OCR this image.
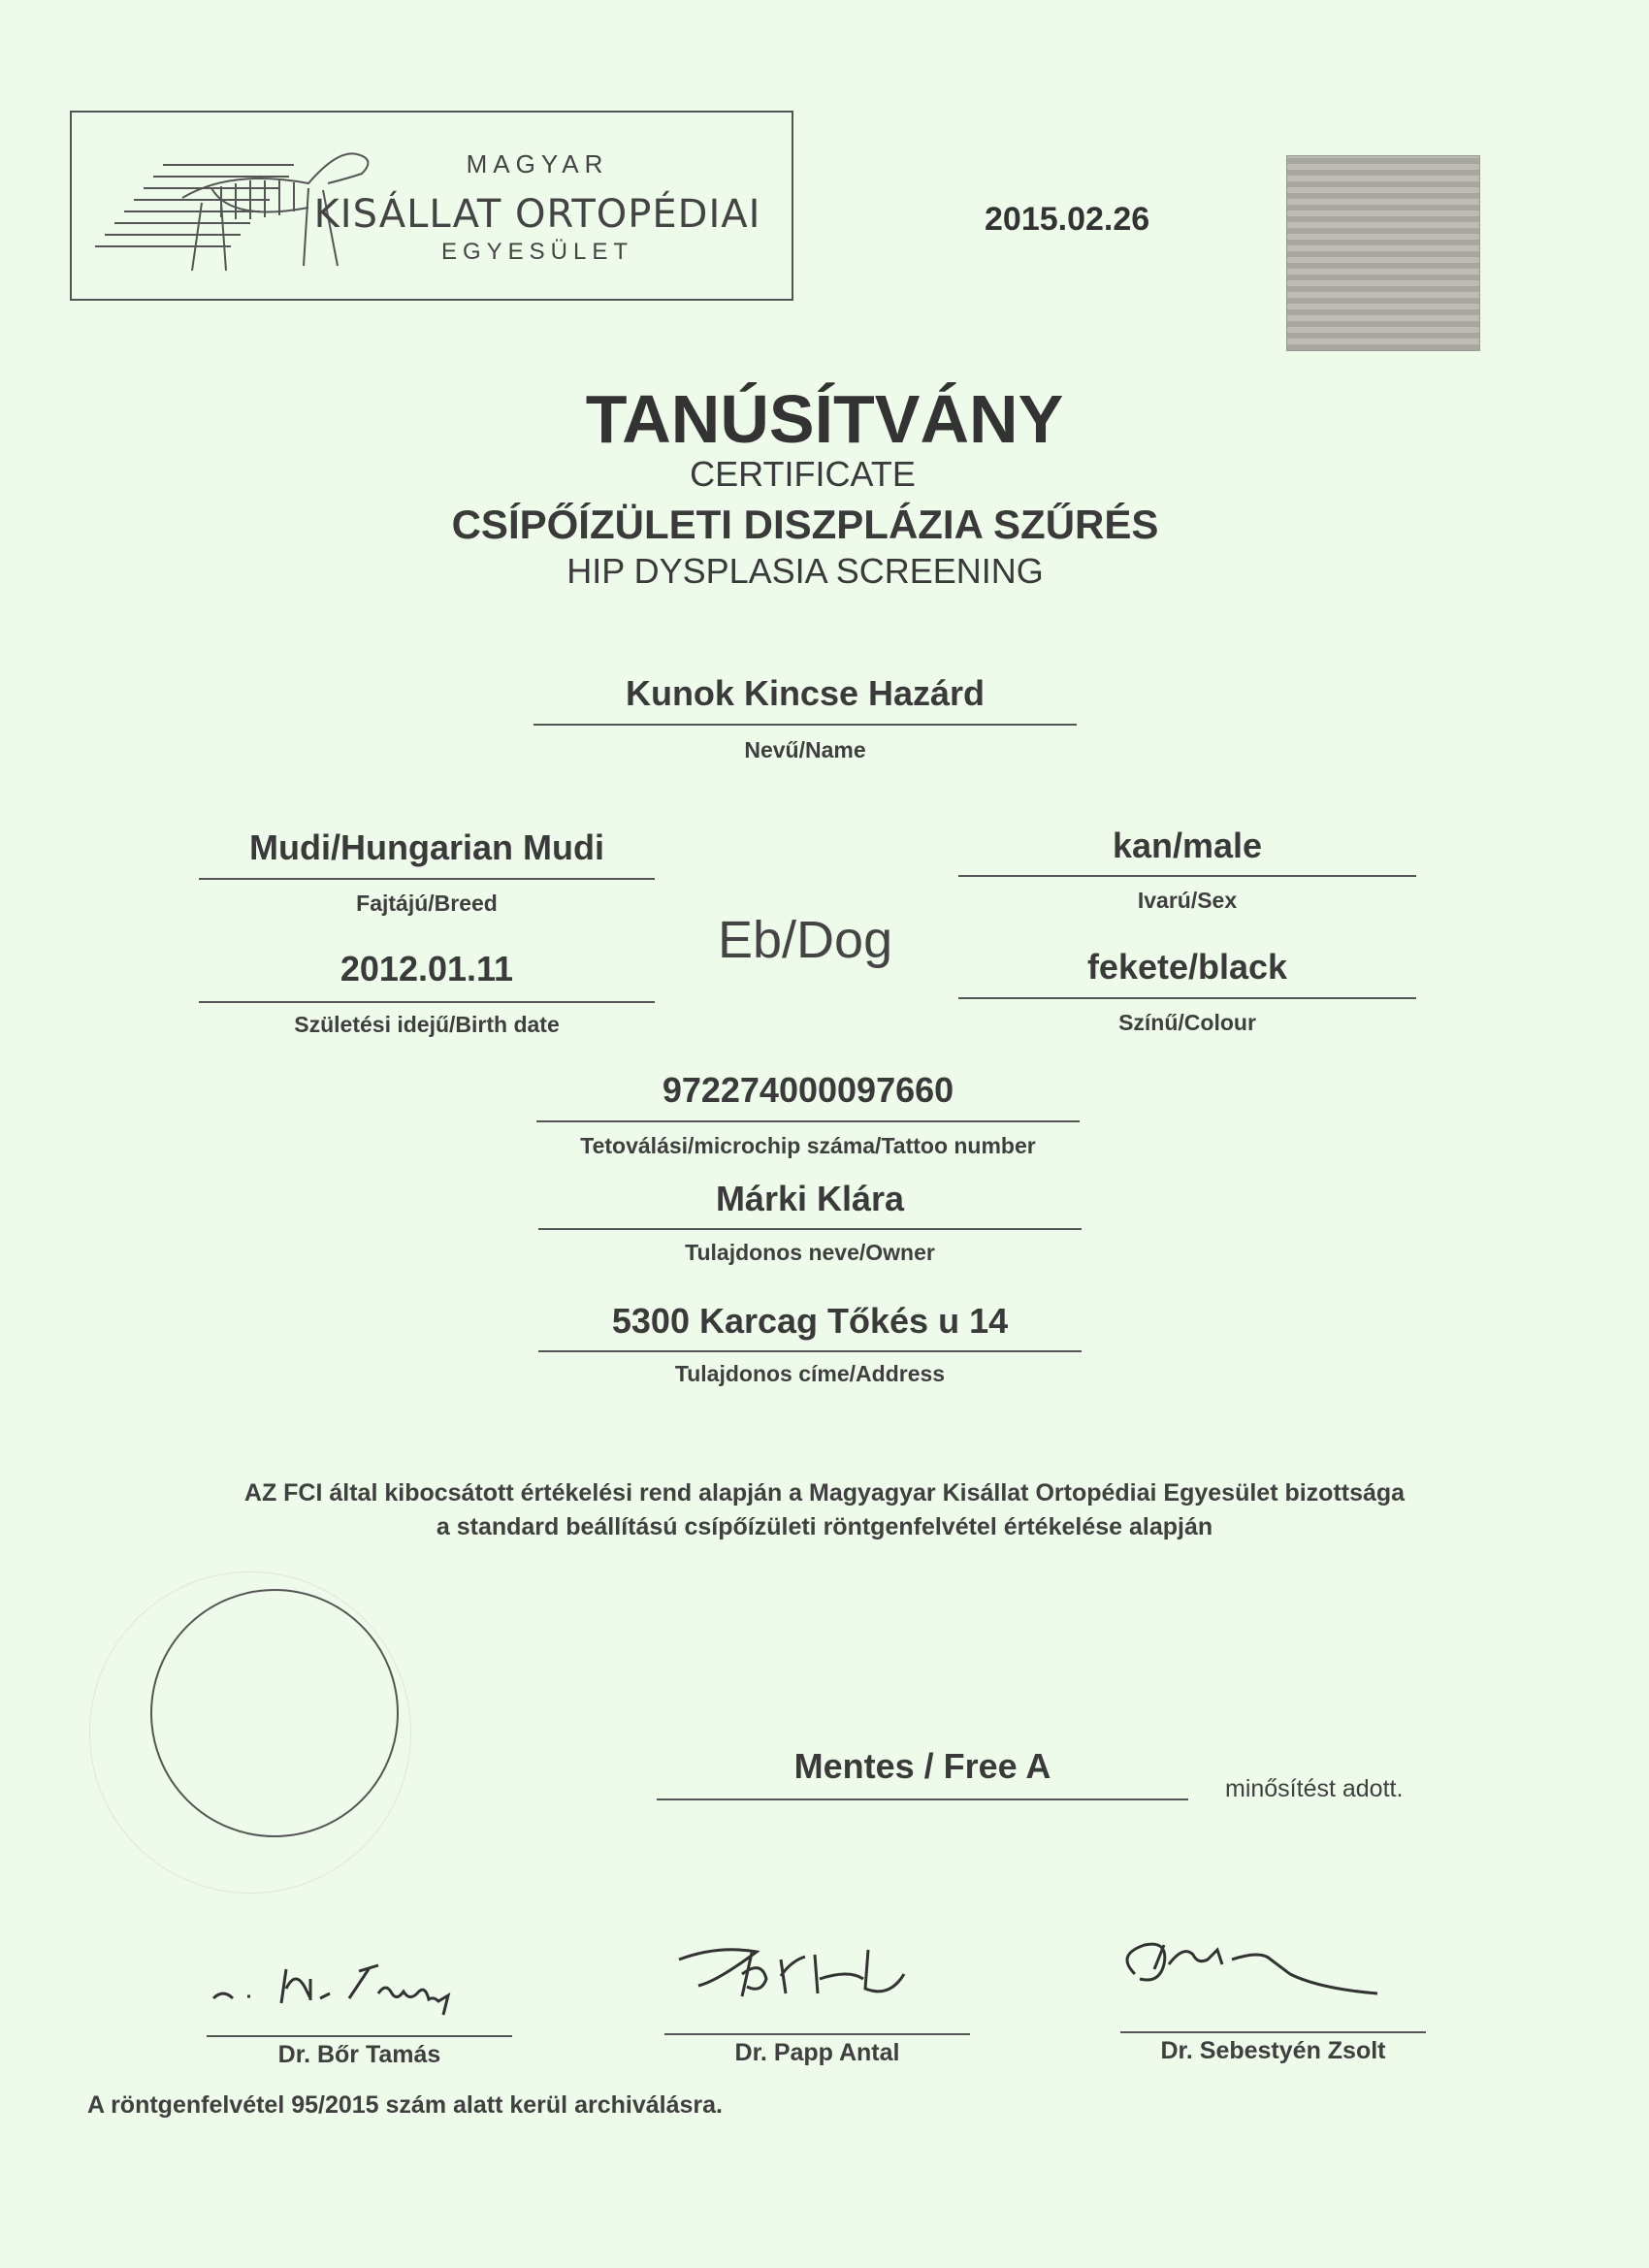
MAGYAR
KISÁLLAT ORTOPÉDIAI
EGYESÜLET
2015.02.26
TANÚSÍTVÁNY
CERTIFICATE
CSÍPŐÍZÜLETI DISZPLÁZIA SZŰRÉS
HIP DYSPLASIA SCREENING
Kunok Kincse Hazárd
Nevű/Name
Mudi/Hungarian Mudi
Fajtájú/Breed
kan/male
Ivarú/Sex
Eb/Dog
2012.01.11
Születési idejű/Birth date
fekete/black
Színű/Colour
972274000097660
Tetoválási/microchip száma/Tattoo number
Márki Klára
Tulajdonos neve/Owner
5300 Karcag Tőkés u 14
Tulajdonos címe/Address
AZ FCI által kibocsátott értékelési rend alapján a Magyagyar Kisállat Ortopédiai Egyesület bizottsága
a standard beállítású csípőízületi röntgenfelvétel értékelése alapján
Mentes / Free A
minősítést adott.
Dr. Bőr Tamás	Dr. Papp Antal	Dr. Sebestyén Zsolt
A röntgenfelvétel 95/2015 szám alatt kerül archiválásra.
